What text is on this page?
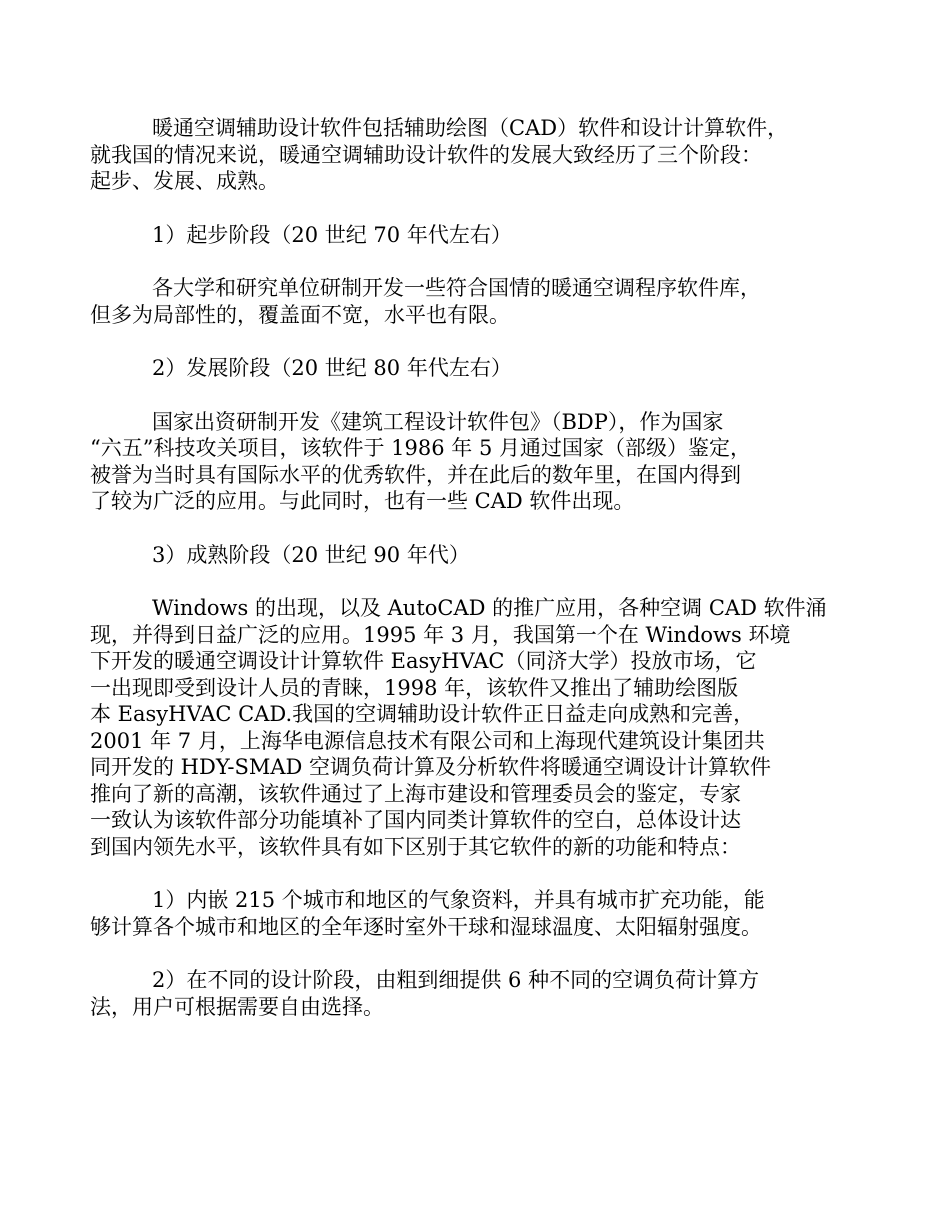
暖通空调辅助设计软件包括辅助绘图（CAD）软件和设计计算软件，
就我国的情况来说，暖通空调辅助设计软件的发展大致经历了三个阶段：
起步、发展、成熟。

1）起步阶段（20 世纪 70 年代左右）

各大学和研究单位研制开发一些符合国情的暖通空调程序软件库，
但多为局部性的，覆盖面不宽，水平也有限。

2）发展阶段（20 世纪 80 年代左右）

国家出资研制开发《建筑工程设计软件包》（BDP），作为国家
“六五”科技攻关项目，该软件于 1986 年 5 月通过国家（部级）鉴定，
被誉为当时具有国际水平的优秀软件，并在此后的数年里，在国内得到
了较为广泛的应用。与此同时，也有一些 CAD 软件出现。

3）成熟阶段（20 世纪 90 年代）

Windows 的出现，以及 AutoCAD 的推广应用，各种空调 CAD 软件涌
现，并得到日益广泛的应用。1995 年 3 月，我国第一个在 Windows 环境
下开发的暖通空调设计计算软件 EasyHVAC（同济大学）投放市场，它
一出现即受到设计人员的青睐，1998 年，该软件又推出了辅助绘图版
本 EasyHVAC CAD.我国的空调辅助设计软件正日益走向成熟和完善，
2001 年 7 月，上海华电源信息技术有限公司和上海现代建筑设计集团共
同开发的 HDY-SMAD 空调负荷计算及分析软件将暖通空调设计计算软件
推向了新的高潮，该软件通过了上海市建设和管理委员会的鉴定，专家
一致认为该软件部分功能填补了国内同类计算软件的空白，总体设计达
到国内领先水平，该软件具有如下区别于其它软件的新的功能和特点：

1）内嵌 215 个城市和地区的气象资料，并具有城市扩充功能，能
够计算各个城市和地区的全年逐时室外干球和湿球温度、太阳辐射强度。

2）在不同的设计阶段，由粗到细提供 6 种不同的空调负荷计算方
法，用户可根据需要自由选择。
